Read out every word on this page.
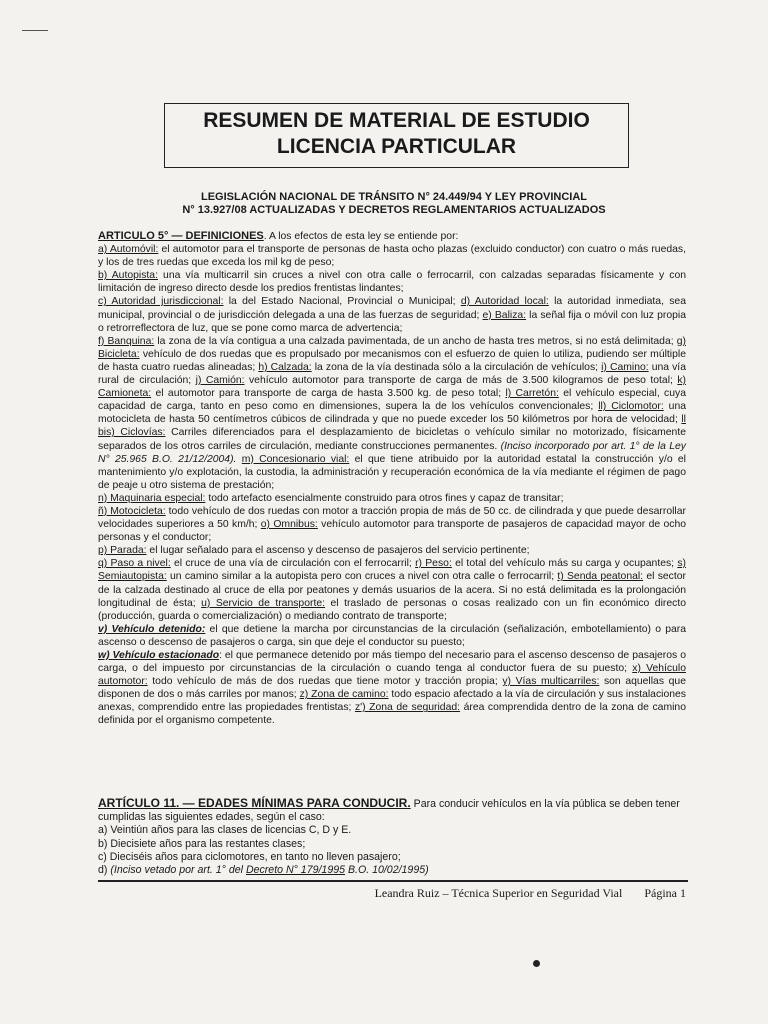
RESUMEN DE MATERIAL DE ESTUDIO
LICENCIA PARTICULAR
LEGISLACIÓN NACIONAL DE TRÁNSITO N° 24.449/94 Y LEY PROVINCIAL
N° 13.927/08 ACTUALIZADAS Y DECRETOS REGLAMENTARIOS ACTUALIZADOS

ARTICULO 5° — DEFINICIONES. A los efectos de esta ley se entiende por:

a) Automóvil: el automotor para el transporte de personas de hasta ocho plazas (excluido conductor) con cuatro o más ruedas, y los de tres ruedas que exceda los mil kg de peso;

b) Autopista: una vía multicarril sin cruces a nivel con otra calle o ferrocarril, con calzadas separadas físicamente y con limitación de ingreso directo desde los predios frentistas lindantes;

c) Autoridad jurisdiccional: la del Estado Nacional, Provincial o Municipal; d) Autoridad local: la autoridad inmediata, sea municipal, provincial o de jurisdicción delegada a una de las fuerzas de seguridad; e) Baliza: la señal fija o móvil con luz propia o retrorreflectora de luz, que se pone como marca de advertencia;

f) Banquina: la zona de la vía contigua a una calzada pavimentada, de un ancho de hasta tres metros, si no está delimitada; g) Bicicleta: vehículo de dos ruedas que es propulsado por mecanismos con el esfuerzo de quien lo utiliza, pudiendo ser múltiple de hasta cuatro ruedas alineadas; h) Calzada: la zona de la vía destinada sólo a la circulación de vehículos; i) Camino: una vía rural de circulación; j) Camión: vehículo automotor para transporte de carga de más de 3.500 kilogramos de peso total; k) Camioneta: el automotor para transporte de carga de hasta 3.500 kg. de peso total; l) Carretón: el vehículo especial, cuya capacidad de carga, tanto en peso como en dimensiones, supera la de los vehículos convencionales; ll) Ciclomotor: una motocicleta de hasta 50 centímetros cúbicos de cilindrada y que no puede exceder los 50 kilómetros por hora de velocidad; ll bis) Ciclovías: Carriles diferenciados para el desplazamiento de bicicletas o vehículo similar no motorizado, físicamente separados de los otros carriles de circulación, mediante construcciones permanentes. (Inciso incorporado por art. 1° de la Ley N° 25.965 B.O. 21/12/2004). m) Concesionario vial: el que tiene atribuido por la autoridad estatal la construcción y/o el mantenimiento y/o explotación, la custodia, la administración y recuperación económica de la vía mediante el régimen de pago de peaje u otro sistema de prestación;

n) Maquinaria especial: todo artefacto esencialmente construido para otros fines y capaz de transitar;

ñ) Motocicleta: todo vehículo de dos ruedas con motor a tracción propia de más de 50 cc. de cilindrada y que puede desarrollar velocidades superiores a 50 km/h; o) Omnibus: vehículo automotor para transporte de pasajeros de capacidad mayor de ocho personas y el conductor;

p) Parada: el lugar señalado para el ascenso y descenso de pasajeros del servicio pertinente;

q) Paso a nivel: el cruce de una vía de circulación con el ferrocarril; r) Peso: el total del vehículo más su carga y ocupantes; s) Semiautopista: un camino similar a la autopista pero con cruces a nivel con otra calle o ferrocarril; t) Senda peatonal: el sector de la calzada destinado al cruce de ella por peatones y demás usuarios de la acera. Si no está delimitada es la prolongación longitudinal de ésta; u) Servicio de transporte: el traslado de personas o cosas realizado con un fin económico directo (producción, guarda o comercialización) o mediando contrato de transporte;

v) Vehículo detenido: el que detiene la marcha por circunstancias de la circulación (señalización, embotellamiento) o para ascenso o descenso de pasajeros o carga, sin que deje el conductor su puesto;

w) Vehículo estacionado: el que permanece detenido por más tiempo del necesario para el ascenso descenso de pasajeros o carga, o del impuesto por circunstancias de la circulación o cuando tenga al conductor fuera de su puesto; x) Vehículo automotor: todo vehículo de más de dos ruedas que tiene motor y tracción propia; y) Vías multicarriles: son aquellas que disponen de dos o más carriles por manos; z) Zona de camino: todo espacio afectado a la vía de circulación y sus instalaciones anexas, comprendido entre las propiedades frentistas; z') Zona de seguridad: área comprendida dentro de la zona de camino definida por el organismo competente.

ARTÍCULO 11. — EDADES MÍNIMAS PARA CONDUCIR. Para conducir vehículos en la vía pública se deben tener cumplidas las siguientes edades, según el caso:

a) Veintiún años para las clases de licencias C, D y E.

b) Diecisiete años para las restantes clases;

c) Dieciséis años para ciclomotores, en tanto no lleven pasajero;

d) (Inciso vetado por art. 1° del Decreto N° 179/1995 B.O. 10/02/1995)

Leandra Ruiz – Técnica Superior en Seguridad Vial Página 1
